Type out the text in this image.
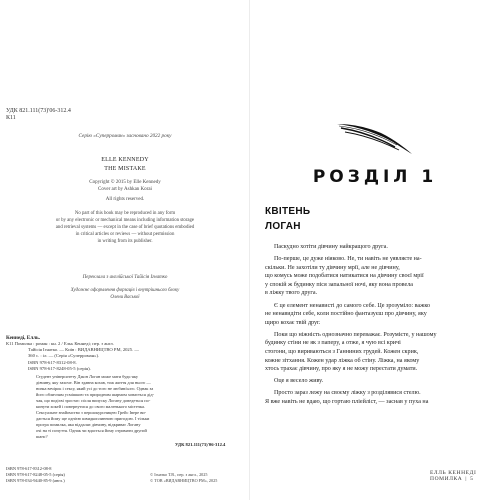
УДК 821.111(73)'06-312.4
К11
Серію «Суперроман» засновано 2022 року
ELLE KENNEDY
THE MISTAKE
Copyright © 2015 by Elle Kennedy
Cover art by Ashkan Korai
All rights reserved.
No part of this book may be reproduced in any form
or by any electronic or mechanical means including information storage
and retrieval systems — except in the case of brief quotations embodied
in critical articles or reviews — without permission
in writing from its publisher.
Переклала з англійської Тайісія Ігнатко
Художнє оформлення форзаців і внутрішнього блоку
Олени Васької
Кеннеді, Елль.
К11 Помилка : роман : кн. 2 / Ельь Кеннеді; пер. з англ.
Тайісія Ігнатко. — Київ : ВИДАВНИЦТВО РМ, 2025. —
360 с. : іл. — (Серія «Суперроман»).
ISBN 978-617-8312-08-8.
ISBN 978-617-8248-05-5 (серія).
Студент університету Джон Логан може мати будь-яку
дівчину, яку захоче. Він здавна кохав, тож життя для нього —
низка вечірок і сексу, який усі до того не любив/ього. Однак за
його обличчям усмішкою та природним шармом ховається дід-
чая, що водієві зростає: після випуску Логану доведеться по-
кинути хокей і повернутися до свого маленького містечка.
Сексуальне знайомство з першокурсницею Грейс Івере ви-
дається йому ще однією швидкоплинною пригодою. І тільки
програ помилка, яка віддаляє дівчину, відкриває Логану
очі на ті почуття. Однак чи вдасться йому отримати другий
шанс?
УДК 821.111(73)'06-312.4
ISBN 978-617-8312-08-8
ISBN 978-617-8248-05-5 (серія)
ISBN 978-034-9440-85-9 (англ.)
© Ігнатко Т.В., пер. з англ., 2025
© ТОВ «ВИДАВНИЦТВО РМ», 2025
РОЗДІЛ 1
КВІТЕНЬ
ЛОГАН

Паскудно хотіти дівчину найкращого друга.

По-перше, це дуже ніяково. Не, ти навіть не уявляєте на-

скільки. Не захотіли ту дівчину мрії, але не дівчину,

що комусь може подобатися натикатися на дівчину своєї мрії

у спокій ж будинку піся запальної ночі, яку вона провела

в ліжку твого друга.

Є це елемент ненависті до самого себе. Це зрозуміло: важко

не ненавидіти себе, коли постійно фантазуєш про дівчину, яку

щиро кохає твій друг.

Поки що ніжність однозначно переважає. Розумієте, у нашому

будинку стіни не як з паперу, а отже, я чую всі кричі

стогони, що вириваються з Ганниних грудей. Кожен скрик,

кожне зітхання. Кожен удар ліжка об стіну. Ліжка, на якому

хтось трахає дівчину, про яку я не можу перестати думати.

Оце я весело живу.

Просто зараз лежу на своєму ліжку з розділявися стелю.

Я вже навіть не вдаю, що гортаю пліейліст, — заснав у пуха на

ЕЛЛЬ КЕННЕДІ ПОМИЛКА | 5
